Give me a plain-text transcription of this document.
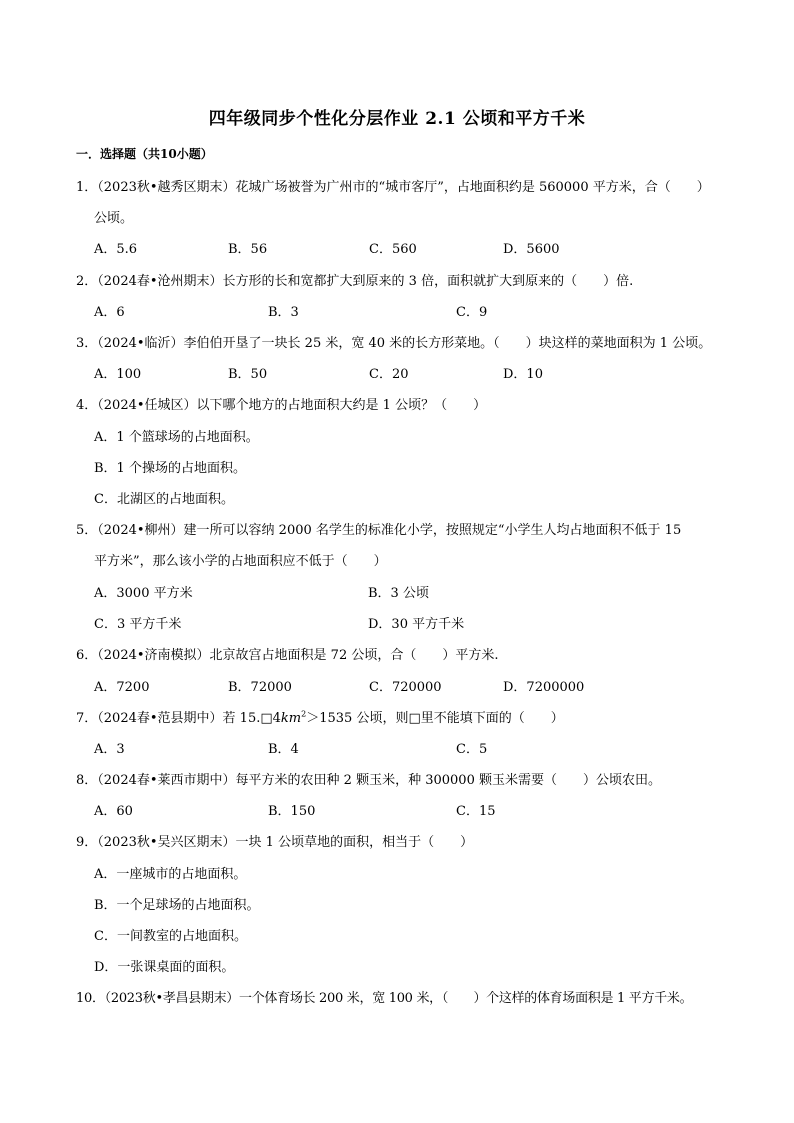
四年级同步个性化分层作业 2.1 公顷和平方千米
一．选择题（共10小题）
1．（2023秋•越秀区期末）花城广场被誉为广州市的“城市客厅”，占地面积约是 560000 平方米，合（　　）
公顷。
A．5.6	B．56	C．560	D．5600
2．（2024春•沧州期末）长方形的长和宽都扩大到原来的 3 倍，面积就扩大到原来的（　　）倍.
A．6	B．3	C．9
3．（2024•临沂）李伯伯开垦了一块长 25 米，宽 40 米的长方形菜地。（　　）块这样的菜地面积为 1 公顷。
A．100	B．50	C．20	D．10
4．（2024•任城区）以下哪个地方的占地面积大约是 1 公顷？（　　）
A．1 个篮球场的占地面积。
B．1 个操场的占地面积。
C．北湖区的占地面积。
5．（2024•柳州）建一所可以容纳 2000 名学生的标准化小学，按照规定“小学生人均占地面积不低于 15
平方米”，那么该小学的占地面积应不低于（　　）
A．3000 平方米	B．3 公顷
C．3 平方千米	D．30 平方千米
6．（2024•济南模拟）北京故宫占地面积是 72 公顷，合（　　）平方米.
A．7200	B．72000	C．720000	D．7200000
7．（2024春•范县期中）若 $15.□4km^2>1535$ 公顷，则□里不能填下面的（　　）
A．3	B．4	C．5
8．（2024春•莱西市期中）每平方米的农田种 2 颗玉米，种 300000 颗玉米需要（　　）公顷农田。
A．60	B．150	C．15
9．（2023秋•吴兴区期末）一块 1 公顷草地的面积，相当于（　　）
A．一座城市的占地面积。
B．一个足球场的占地面积。
C．一间教室的占地面积。
D．一张课桌面的面积。
10．（2023秋•孝昌县期末）一个体育场长 200 米，宽 100 米，（　　）个这样的体育场面积是 1 平方千米。
